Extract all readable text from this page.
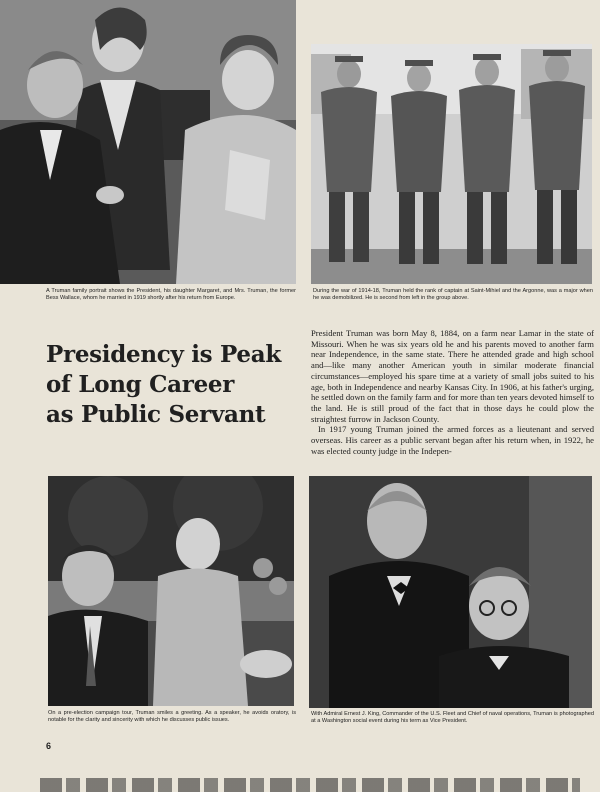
A Truman family portrait shows the President, his daughter Margaret, and Mrs. Truman, the former Bess Wallace, whom he married in 1919 shortly after his return from Europe.
During the war of 1914-18, Truman held the rank of captain at Saint-Mihiel and the Argonne, was a major when he was demobilized. He is second from left in the group above.
Presidency is Peak
of Long Career
as Public Servant

President Truman was born May 8, 1884, on a farm near Lamar in the state of Missouri. When he was six years old he and his parents moved to another farm near Independence, in the same state. There he attended grade and high school and—like many another American youth in similar moderate financial circumstances—employed his spare time at a variety of small jobs suited to his age, both in Independence and nearby Kansas City. In 1906, at his father's urging, he settled down on the family farm and for more than ten years devoted himself to the land. He is still proud of the fact that in those days he could plow the straightest furrow in Jackson County.

In 1917 young Truman joined the armed forces as a lieutenant and served overseas. His career as a public servant began after his return when, in 1922, he was elected county judge in the Indepen-

On a pre-election campaign tour, Truman smiles a greeting. As a speaker, he avoids oratory, is notable for the clarity and sincerity with which he discusses public issues.
With Admiral Ernest J. King, Commander of the U.S. Fleet and Chief of naval operations, Truman is photographed at a Washington social event during his term as Vice President.
6
